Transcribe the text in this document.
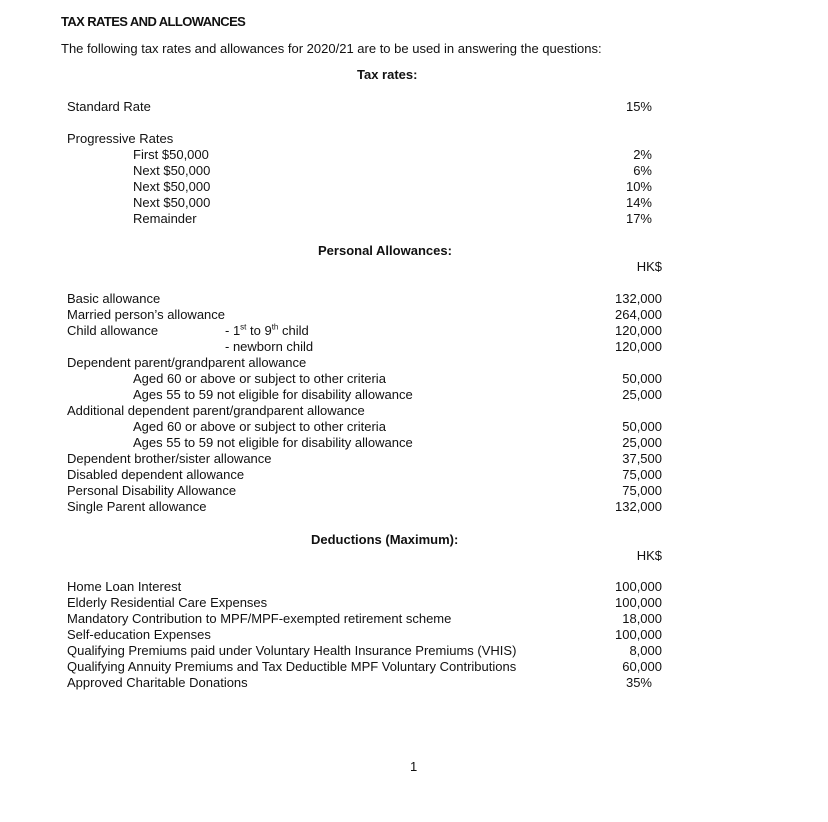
TAX RATES AND ALLOWANCES
The following tax rates and allowances for 2020/21 are to be used in answering the questions:
Tax rates:
Standard Rate	15%
Progressive Rates
First $50,000	2%
Next $50,000	6%
Next $50,000	10%
Next $50,000	14%
Remainder	17%
Personal Allowances:
HK$
Basic allowance	132,000
Married person’s allowance	264,000
Child allowance	- 1st to 9th child	120,000
- newborn child	120,000
Dependent parent/grandparent allowance
Aged 60 or above or subject to other criteria	50,000
Ages 55 to 59 not eligible for disability allowance	25,000
Additional dependent parent/grandparent allowance
Aged 60 or above or subject to other criteria	50,000
Ages 55 to 59 not eligible for disability allowance	25,000
Dependent brother/sister allowance	37,500
Disabled dependent allowance	75,000
Personal Disability Allowance	75,000
Single Parent allowance	132,000
Deductions (Maximum):
HK$
Home Loan Interest	100,000
Elderly Residential Care Expenses	100,000
Mandatory Contribution to MPF/MPF-exempted retirement scheme	18,000
Self-education Expenses	100,000
Qualifying Premiums paid under Voluntary Health Insurance Premiums (VHIS)	8,000
Qualifying Annuity Premiums and Tax Deductible MPF Voluntary Contributions	60,000
Approved Charitable Donations	35%
1
